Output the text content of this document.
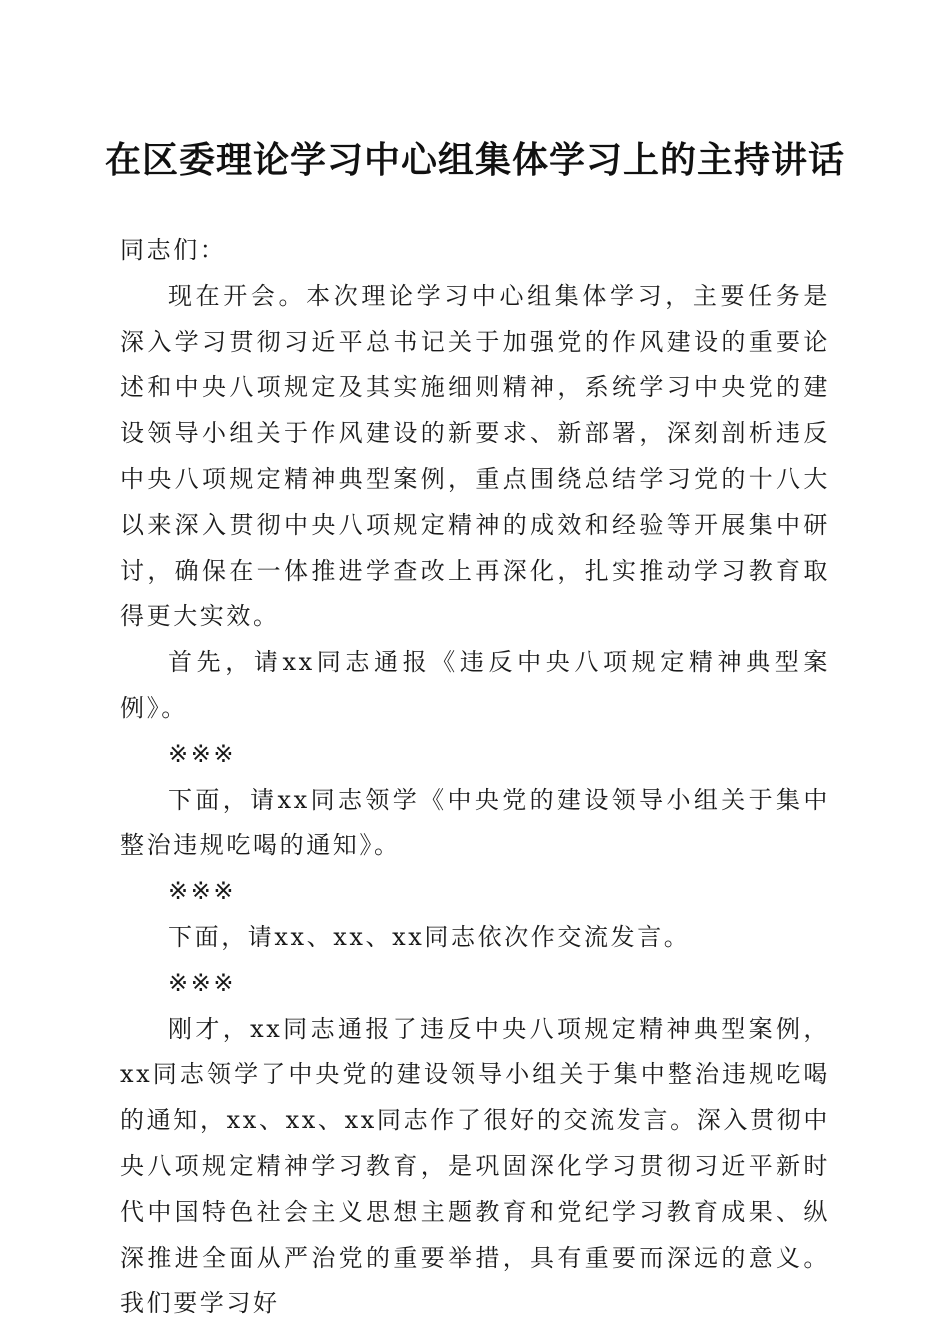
在区委理论学习中心组集体学习上的主持讲话

同志们：

现在开会。本次理论学习中心组集体学习，主要任务是深入学习贯彻习近平总书记关于加强党的作风建设的重要论述和中央八项规定及其实施细则精神，系统学习中央党的建设领导小组关于作风建设的新要求、新部署，深刻剖析违反中央八项规定精神典型案例，重点围绕总结学习党的十八大以来深入贯彻中央八项规定精神的成效和经验等开展集中研讨，确保在一体推进学查改上再深化，扎实推动学习教育取得更大实效。

首先，请xx同志通报《违反中央八项规定精神典型案例》。

※※※

下面，请xx同志领学《中央党的建设领导小组关于集中整治违规吃喝的通知》。

※※※

下面，请xx、xx、xx同志依次作交流发言。

※※※

刚才，xx同志通报了违反中央八项规定精神典型案例，xx同志领学了中央党的建设领导小组关于集中整治违规吃喝的通知，xx、xx、xx同志作了很好的交流发言。深入贯彻中央八项规定精神学习教育，是巩固深化学习贯彻习近平新时代中国特色社会主义思想主题教育和党纪学习教育成果、纵深推进全面从严治党的重要举措，具有重要而深远的意义。我们要学习好
